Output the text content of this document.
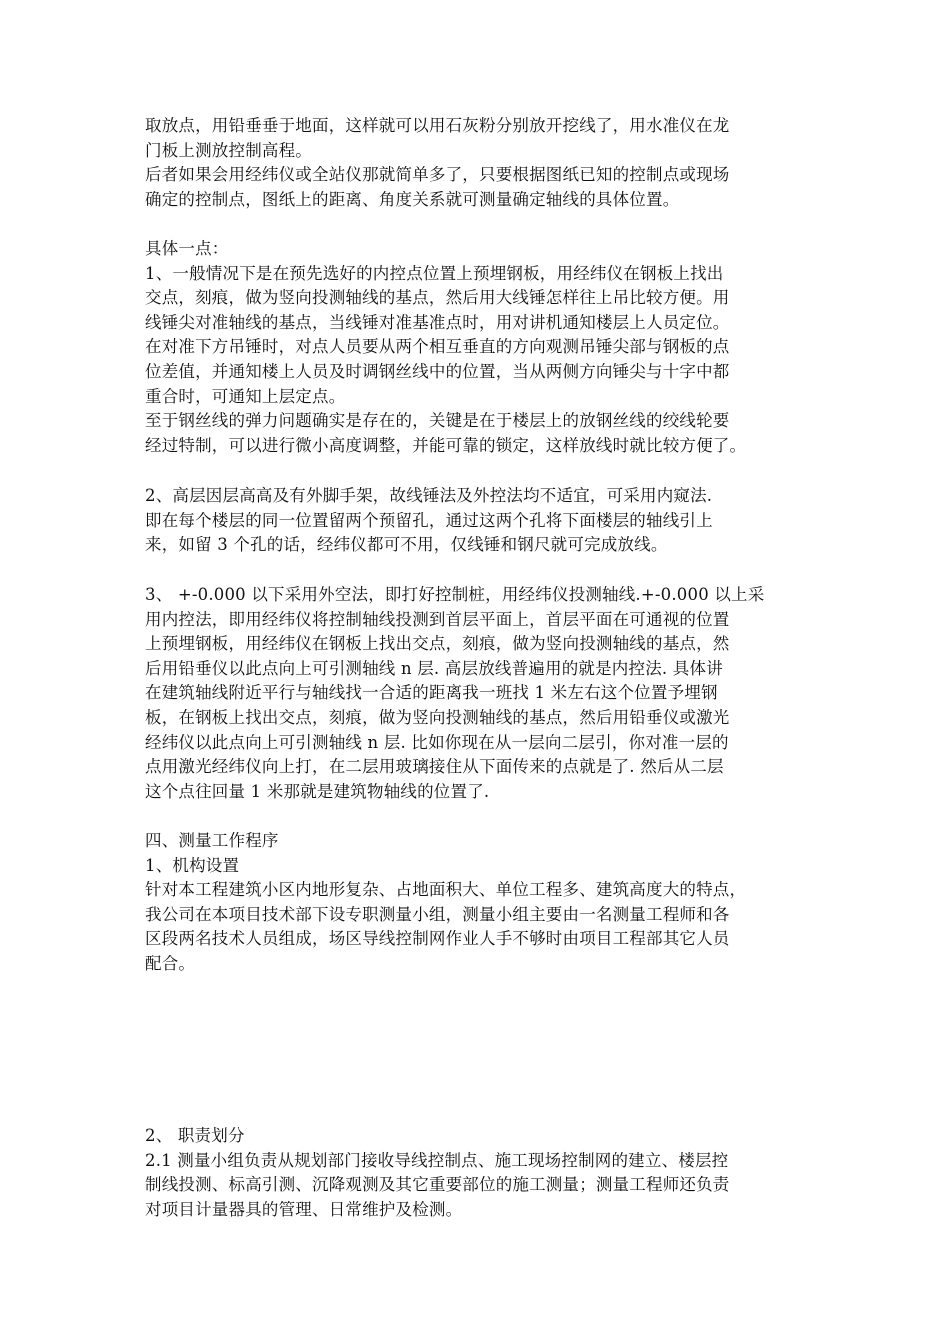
取放点，用铅垂垂于地面，这样就可以用石灰粉分别放开挖线了，用水准仪在龙
门板上测放控制高程。
后者如果会用经纬仪或全站仪那就简单多了，只要根据图纸已知的控制点或现场
确定的控制点，图纸上的距离、角度关系就可测量确定轴线的具体位置。
具体一点：
1、一般情况下是在预先选好的内控点位置上预埋钢板，用经纬仪在钢板上找出
交点，刻痕，做为竖向投测轴线的基点，然后用大线锤怎样往上吊比较方便。用
线锤尖对准轴线的基点，当线锤对准基准点时，用对讲机通知楼层上人员定位。
在对准下方吊锤时，对点人员要从两个相互垂直的方向观测吊锤尖部与钢板的点
位差值，并通知楼上人员及时调钢丝线中的位置，当从两侧方向锤尖与十字中都
重合时，可通知上层定点。
至于钢丝线的弹力问题确实是存在的，关键是在于楼层上的放钢丝线的绞线轮要
经过特制，可以进行微小高度调整，并能可靠的锁定，这样放线时就比较方便了。
2、高层因层高高及有外脚手架，故线锤法及外控法均不适宜，可采用内窥法.
即在每个楼层的同一位置留两个预留孔，通过这两个孔将下面楼层的轴线引上
来，如留 3 个孔的话，经纬仪都可不用，仅线锤和钢尺就可完成放线。
3、 +-0.000 以下采用外空法，即打好控制桩，用经纬仪投测轴线.+-0.000 以上采
用内控法，即用经纬仪将控制轴线投测到首层平面上，首层平面在可通视的位置
上预埋钢板，用经纬仪在钢板上找出交点，刻痕，做为竖向投测轴线的基点，然
后用铅垂仪以此点向上可引测轴线 n 层. 高层放线普遍用的就是内控法. 具体讲
在建筑轴线附近平行与轴线找一合适的距离我一班找 1 米左右这个位置予埋钢
板，在钢板上找出交点，刻痕，做为竖向投测轴线的基点，然后用铅垂仪或激光
经纬仪以此点向上可引测轴线 n 层. 比如你现在从一层向二层引，你对准一层的
点用激光经纬仪向上打，在二层用玻璃接住从下面传来的点就是了. 然后从二层
这个点往回量 1 米那就是建筑物轴线的位置了.
四、测量工作程序
1、机构设置
针对本工程建筑小区内地形复杂、占地面积大、单位工程多、建筑高度大的特点，
我公司在本项目技术部下设专职测量小组，测量小组主要由一名测量工程师和各
区段两名技术人员组成，场区导线控制网作业人手不够时由项目工程部其它人员
配合。
2、 职责划分
2.1 测量小组负责从规划部门接收导线控制点、施工现场控制网的建立、楼层控
制线投测、标高引测、沉降观测及其它重要部位的施工测量；测量工程师还负责
对项目计量器具的管理、日常维护及检测。
